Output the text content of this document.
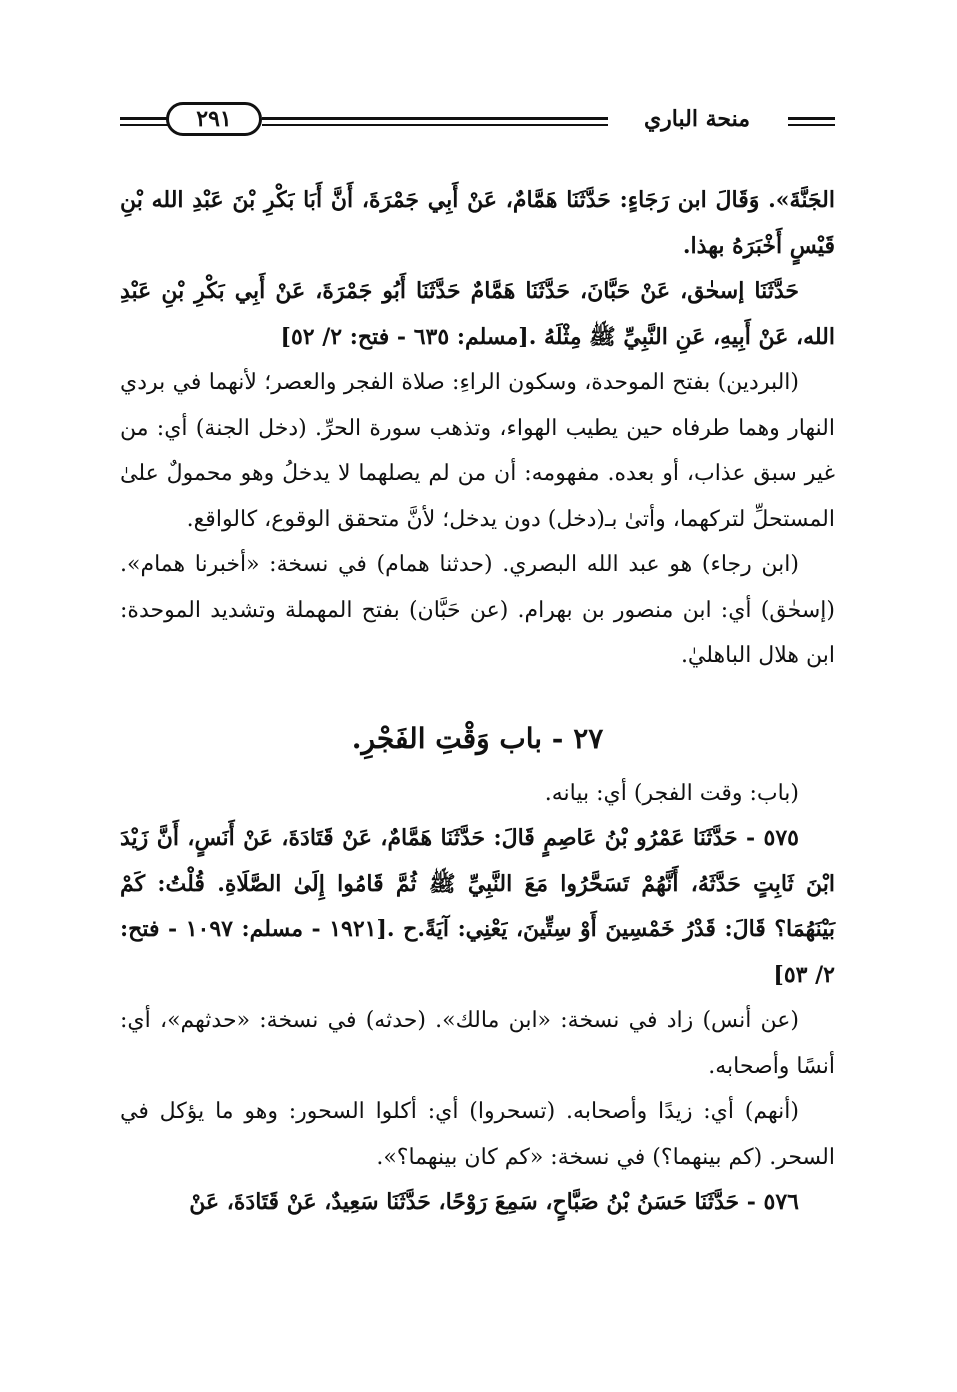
٢٩١	منحة الباري

الجَنَّةَ». وَقَالَ ابن رَجَاءٍ: حَدَّثَنَا هَمَّامٌ، عَنْ أَبِي جَمْرَةَ، أَنَّ أَبَا بَكْرِ بْنَ عَبْدِ الله بْنِ قَيْسٍ أَخْبَرَهُ بهذا.

حَدَّثَنَا إسحٰق، عَنْ حَبَّانَ، حَدَّثَنَا هَمَّامٌ حَدَّثَنَا أَبُو جَمْرَةَ، عَنْ أَبِي بَكْرِ بْنِ عَبْدِ الله، عَنْ أَبِيهِ، عَنِ النَّبِيِّ ﷺ مِثْلَهُ .[مسلم: ٦٣٥ - فتح: ٢/ ٥٢]

(البردين) بفتح الموحدة، وسكون الراءِ: صلاة الفجر والعصر؛ لأنهما في بردي النهار وهما طرفاه حين يطيب الهواء، وتذهب سورة الحرِّ. (دخل الجنة) أي: من غير سبق عذاب، أو بعده. مفهومه: أن من لم يصلهما لا يدخلُ وهو محمولٌ علىٰ المستحلِّ لتركهما، وأتىٰ بـ(دخل) دون يدخل؛ لأنَّ متحقق الوقوع، كالواقع.

(ابن رجاء) هو عبد الله البصري. (حدثنا همام) في نسخة: «أخبرنا همام». (إسحٰق) أي: ابن منصور بن بهرام. (عن حَبَّان) بفتح المهملة وتشديد الموحدة: ابن هلال الباهليٰ.

٢٧ - باب وَقْتِ الفَجْرِ.

(باب: وقت الفجر) أي: بيانه.

٥٧٥ - حَدَّثَنَا عَمْرُو بْنُ عَاصِمٍ قَالَ: حَدَّثَنَا هَمَّامٌ، عَنْ قَتَادَةَ، عَنْ أَنَسٍ، أَنَّ زَيْدَ ابْنَ ثَابِتٍ حَدَّثَهُ، أَنَّهُمْ تَسَحَّرُوا مَعَ النَّبِيِّ ﷺ ثُمَّ قَامُوا إِلَىٰ الصَّلَاةِ. قُلْتُ: كَمْ بَيْنَهُمَا؟ قَالَ: قَدْرُ خَمْسِينَ أَوْ سِتِّينَ، يَعْنِي: آيَةً.ح .[١٩٢١ - مسلم: ١٠٩٧ - فتح: ٢/ ٥٣]

(عن أنس) زاد في نسخة: «ابن مالك». (حدثه) في نسخة: «حدثهم»، أي: أنسًا وأصحابه.

(أنهم) أي: زيدًا وأصحابه. (تسحروا) أي: أكلوا السحور: وهو ما يؤكل في السحر. (كم بينهما؟) في نسخة: «كم كان بينهما؟».

٥٧٦ - حَدَّثَنَا حَسَنُ بْنُ صَبَّاحٍ، سَمِعَ رَوْحًا، حَدَّثَنَا سَعِيدٌ، عَنْ قَتَادَةَ، عَنْ
